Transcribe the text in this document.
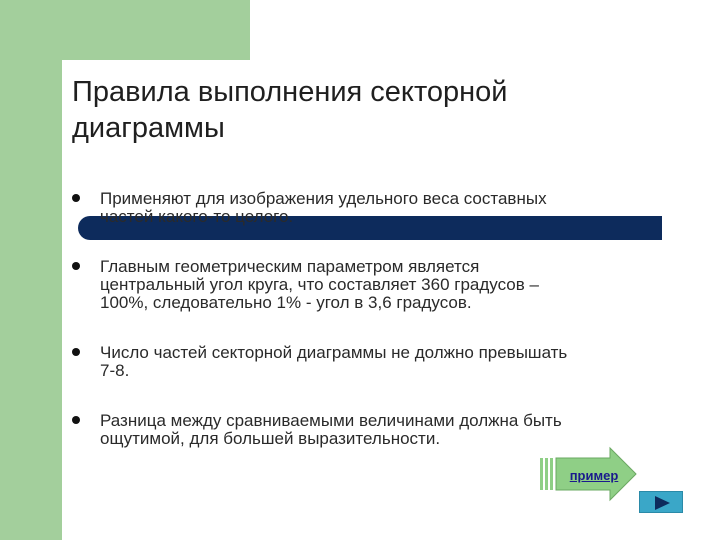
Правила выполнения секторной диаграммы
Применяют для изображения удельного веса составных
частей какого-то целого.
Главным геометрическим параметром является
центральный угол круга, что составляет 360 градусов –
100%, следовательно 1% - угол в 3,6 градусов.
Число частей секторной диаграммы не должно превышать
7-8.
Разница между сравниваемыми величинами должна быть
ощутимой, для большей выразительности.
пример
